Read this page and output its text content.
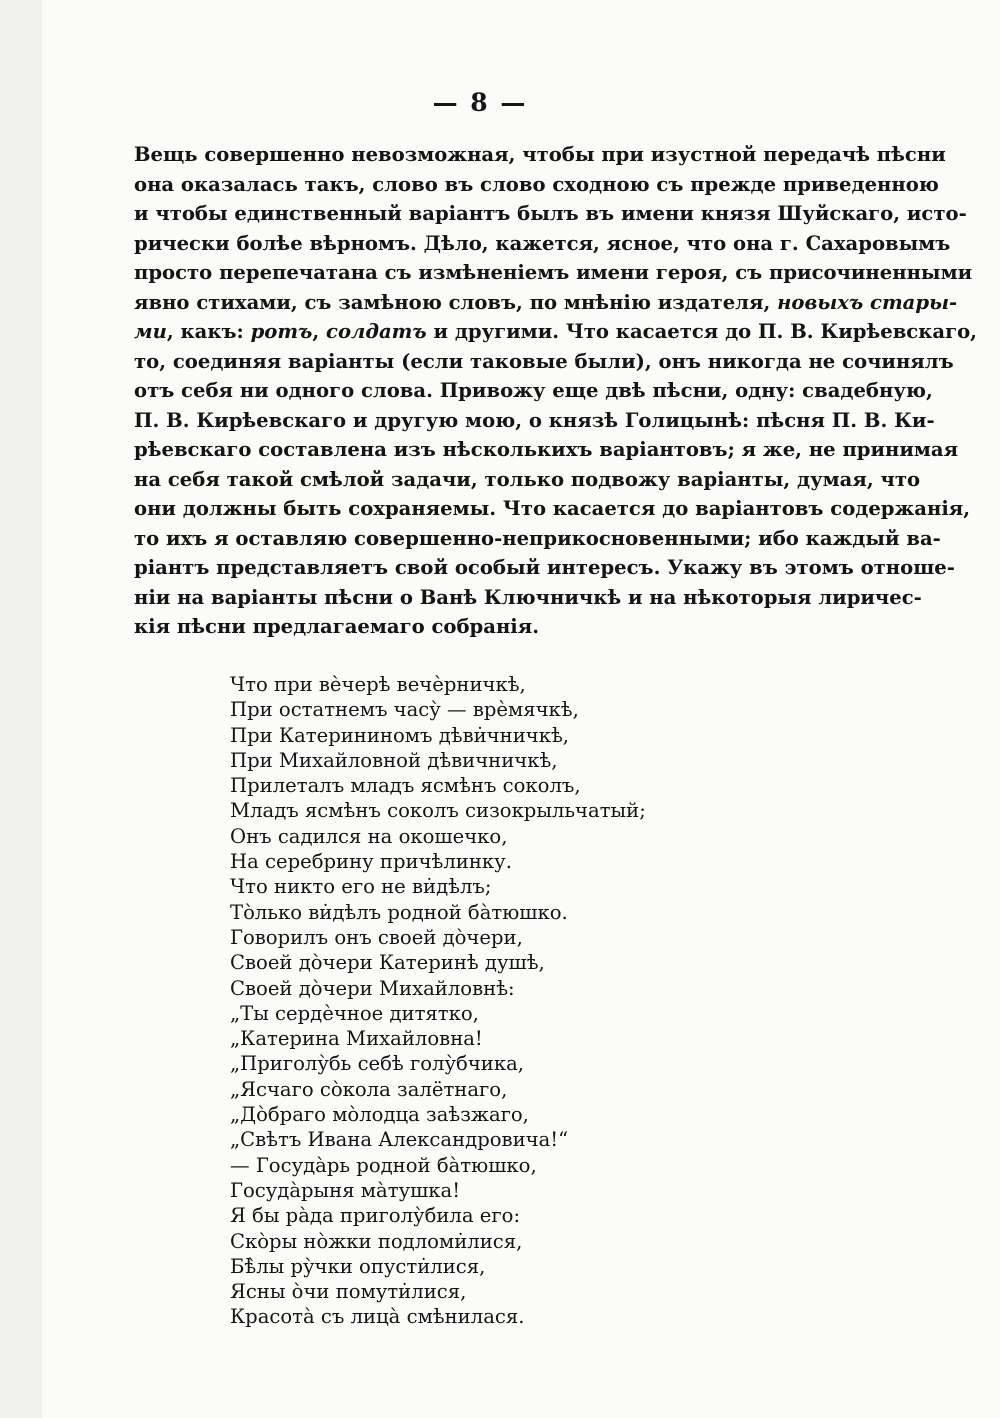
— 8 —
Вещь совершенно невозможная, чтобы при изустной передачѣ пѣсни
она оказалась такъ, слово въ слово сходною съ прежде приведенною
и чтобы единственный варіантъ былъ въ имени князя Шуйскаго, исто-
рически болѣе вѣрномъ. Дѣло, кажется, ясное, что она г. Сахаровымъ
просто перепечатана съ измѣненіемъ имени героя, съ присочиненными
явно стихами, съ замѣною словъ, по мнѣнію издателя, новыхъ стары-
ми, какъ: ротъ, солдатъ и другими. Что касается до П. В. Кирѣевскаго,
то, соединяя варіанты (если таковые были), онъ никогда не сочинялъ
отъ себя ни одного слова. Привожу еще двѣ пѣсни, одну: свадебную,
П. В. Кирѣевскаго и другую мою, о князѣ Голицынѣ: пѣсня П. В. Ки-
рѣевскаго составлена изъ нѣсколькихъ варіантовъ; я же, не принимая
на себя такой смѣлой задачи, только подвожу варіанты, думая, что
они должны быть сохраняемы. Что касается до варіантовъ содержанія,
то ихъ я оставляю совершенно-неприкосновенными; ибо каждый ва-
ріантъ представляетъ свой особый интересъ. Укажу въ этомъ отноше-
ніи на варіанты пѣсни о Ванѣ Ключничкѣ и на нѣкоторыя лиричес-
кія пѣсни предлагаемаго собранія.
Что при вѐчерѣ вечѐрничкѣ,
При остатнемъ часу̀ — врѐмячкѣ,
При Катерининомъ дѣви̇чничкѣ,
При Михайловной дѣвичничкѣ,
Прилеталъ младъ ясмѣнъ соколъ,
Младъ ясмѣнъ соколъ сизокрыльчатый;
Онъ садился на окошечко,
На серебрину причѣлинку.
Что никто его не ви̇дѣлъ;
То̀лько ви̇дѣлъ родной ба̀тюшко.
Говорилъ онъ своей до̀чери,
Своей до̀чери Катеринѣ душѣ,
Своей до̀чери Михайловнѣ:
„Ты сердѐчное дитятко,
„Катерина Михайловна!
„Приголу̀бь себѣ голу̀бчика,
„Ясчаго со̀кола залётнаго,
„До̀браго мо̀лодца заѣзжаго,
„Свѣтъ Ивана Александровича!“
— Госуда̀рь родной ба̀тюшко,
Госуда̀рыня ма̀тушка!
Я бы ра̀да приголу̀била его:
Ско̀ры но̀жки подломи̇лися,
Бѣ̀лы ру̀чки опусти̇лися,
Ясны о̀чи помути̇лися,
Красота̀ съ лица̀ смѣнилася.
